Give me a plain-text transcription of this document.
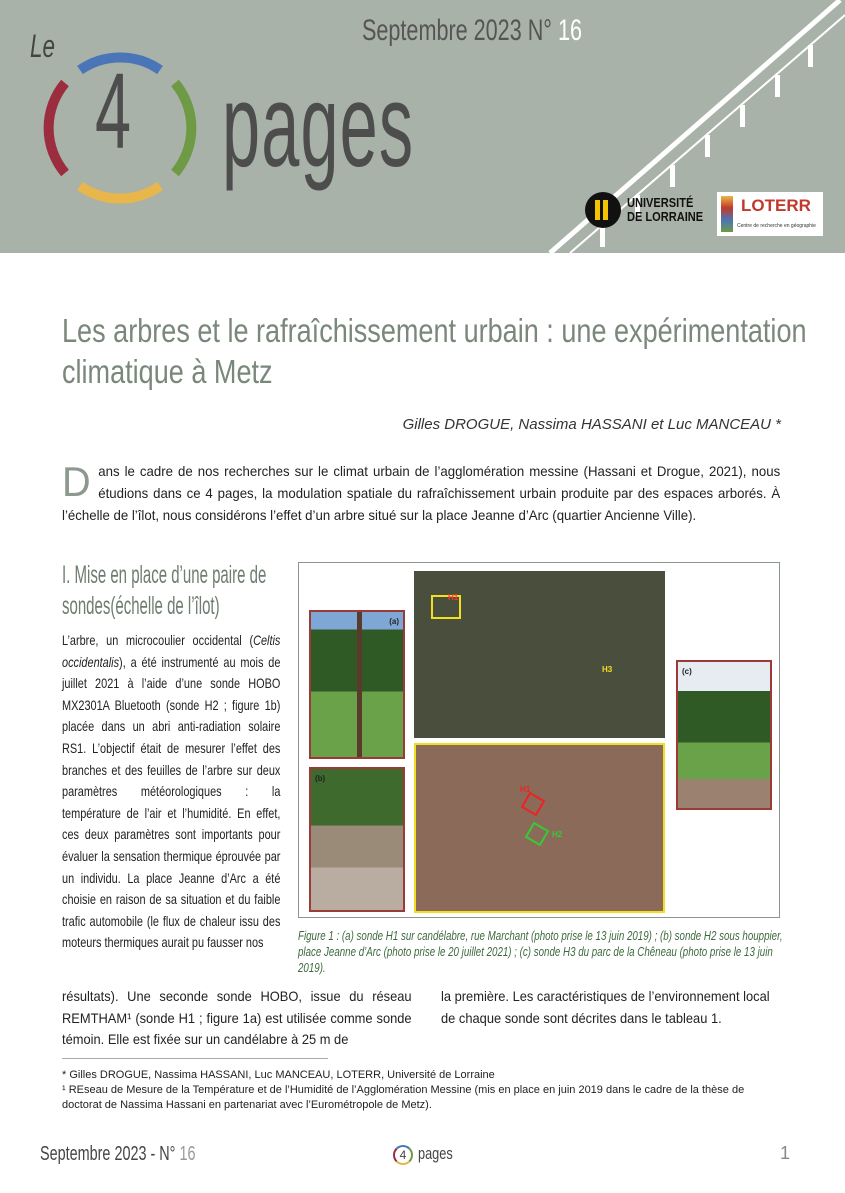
Septembre 2023 N° 16
Le
4 pages
UNIVERSITÉ
DE LORRAINE
LOTERR
Centre de recherche en géographie
Les arbres et le rafraîchissement urbain : une expérimentation climatique à Metz
Gilles DROGUE, Nassima HASSANI et Luc MANCEAU *
Dans le cadre de nos recherches sur le climat urbain de l’agglomération messine (Hassani et Drogue, 2021), nous étudions dans ce 4 pages, la modulation spatiale du rafraîchissement urbain produite par des espaces arborés. À l’échelle de l’îlot, nous considérons l’effet d’un arbre situé sur la place Jeanne d’Arc (quartier Ancienne Ville).
I. Mise en place d’une paire de sondes(échelle de l’îlot)
L’arbre, un microcoulier occidental (Celtis occidentalis), a été instrumenté au mois de juillet 2021 à l’aide d’une sonde HOBO MX2301A Bluetooth (sonde H2 ; figure 1b) placée dans un abri anti-radiation solaire RS1. L’objectif était de mesurer l’effet des branches et des feuilles de l’arbre sur deux paramètres météorologiques : la température de l’air et l’humidité. En effet, ces deux paramètres sont importants pour évaluer la sensation thermique éprouvée par un individu. La place Jeanne d’Arc a été choisie en raison de sa situation et du faible trafic automobile (le flux de chaleur issu des moteurs thermiques aurait pu fausser nos
(a)
(b)
H1
H3
H1
H2
(c)
Figure 1 : (a) sonde H1 sur candélabre, rue Marchant (photo prise le 13 juin 2019) ; (b) sonde H2 sous houppier, place Jeanne d’Arc (photo prise le 20 juillet 2021) ; (c) sonde H3 du parc de la Chêneau (photo prise le 13 juin 2019).
résultats). Une seconde sonde HOBO, issue du réseau REMTHAM¹ (sonde H1 ; figure 1a) est utilisée comme sonde témoin. Elle est fixée sur un candélabre à 25 m de
la première. Les caractéristiques de l’environnement local de chaque sonde sont décrites dans le tableau 1.
* Gilles DROGUE, Nassima HASSANI, Luc MANCEAU, LOTERR, Université de Lorraine
¹ REseau de Mesure de la Température et de l’Humidité de l’Agglomération Messine (mis en place en juin 2019 dans le cadre de la thèse de doctorat de Nassima Hassani en partenariat avec l’Eurométropole de Metz).
Septembre 2023 - N° 16	4 pages	1
